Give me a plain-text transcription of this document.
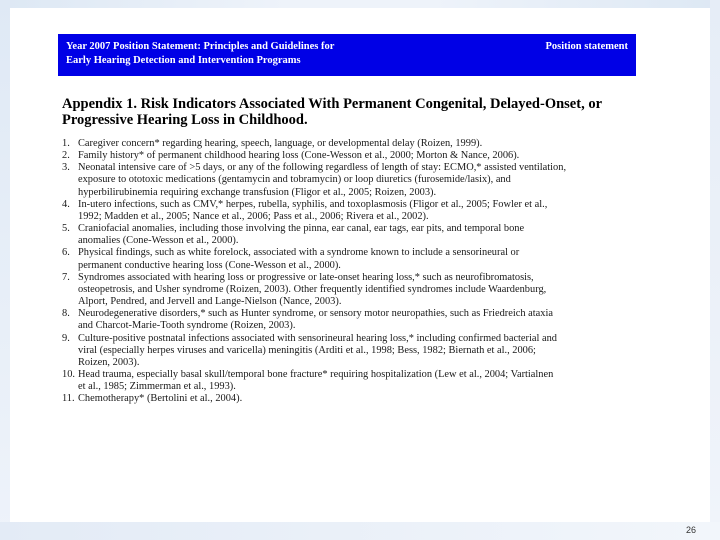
Year 2007 Position Statement: Principles and Guidelines for
Early Hearing Detection and Intervention Programs
Position statement
Appendix 1. Risk Indicators Associated With Permanent Congenital, Delayed-Onset, or
Progressive Hearing Loss in Childhood.
1. Caregiver concern* regarding hearing, speech, language, or developmental delay (Roizen, 1999).
2. Family history* of permanent childhood hearing loss (Cone-Wesson et al., 2000; Morton & Nance, 2006).
3. Neonatal intensive care of >5 days, or any of the following regardless of length of stay: ECMO,* assisted ventilation,
exposure to ototoxic medications (gentamycin and tobramycin) or loop diuretics (furosemide/lasix), and
hyperbilirubinemia requiring exchange transfusion (Fligor et al., 2005; Roizen, 2003).
4. In-utero infections, such as CMV,* herpes, rubella, syphilis, and toxoplasmosis (Fligor et al., 2005; Fowler et al.,
1992; Madden et al., 2005; Nance et al., 2006; Pass et al., 2006; Rivera et al., 2002).
5. Craniofacial anomalies, including those involving the pinna, ear canal, ear tags, ear pits, and temporal bone
anomalies (Cone-Wesson et al., 2000).
6. Physical findings, such as white forelock, associated with a syndrome known to include a sensorineural or
permanent conductive hearing loss (Cone-Wesson et al., 2000).
7. Syndromes associated with hearing loss or progressive or late-onset hearing loss,* such as neurofibromatosis,
osteopetrosis, and Usher syndrome (Roizen, 2003). Other frequently identified syndromes include Waardenburg,
Alport, Pendred, and Jervell and Lange-Nielson (Nance, 2003).
8. Neurodegenerative disorders,* such as Hunter syndrome, or sensory motor neuropathies, such as Friedreich ataxia
and Charcot-Marie-Tooth syndrome (Roizen, 2003).
9. Culture-positive postnatal infections associated with sensorineural hearing loss,* including confirmed bacterial and
viral (especially herpes viruses and varicella) meningitis (Arditi et al., 1998; Bess, 1982; Biernath et al., 2006;
Roizen, 2003).
10. Head trauma, especially basal skull/temporal bone fracture* requiring hospitalization (Lew et al., 2004; Vartialnen
et al., 1985; Zimmerman et al., 1993).
11. Chemotherapy* (Bertolini et al., 2004).
26
